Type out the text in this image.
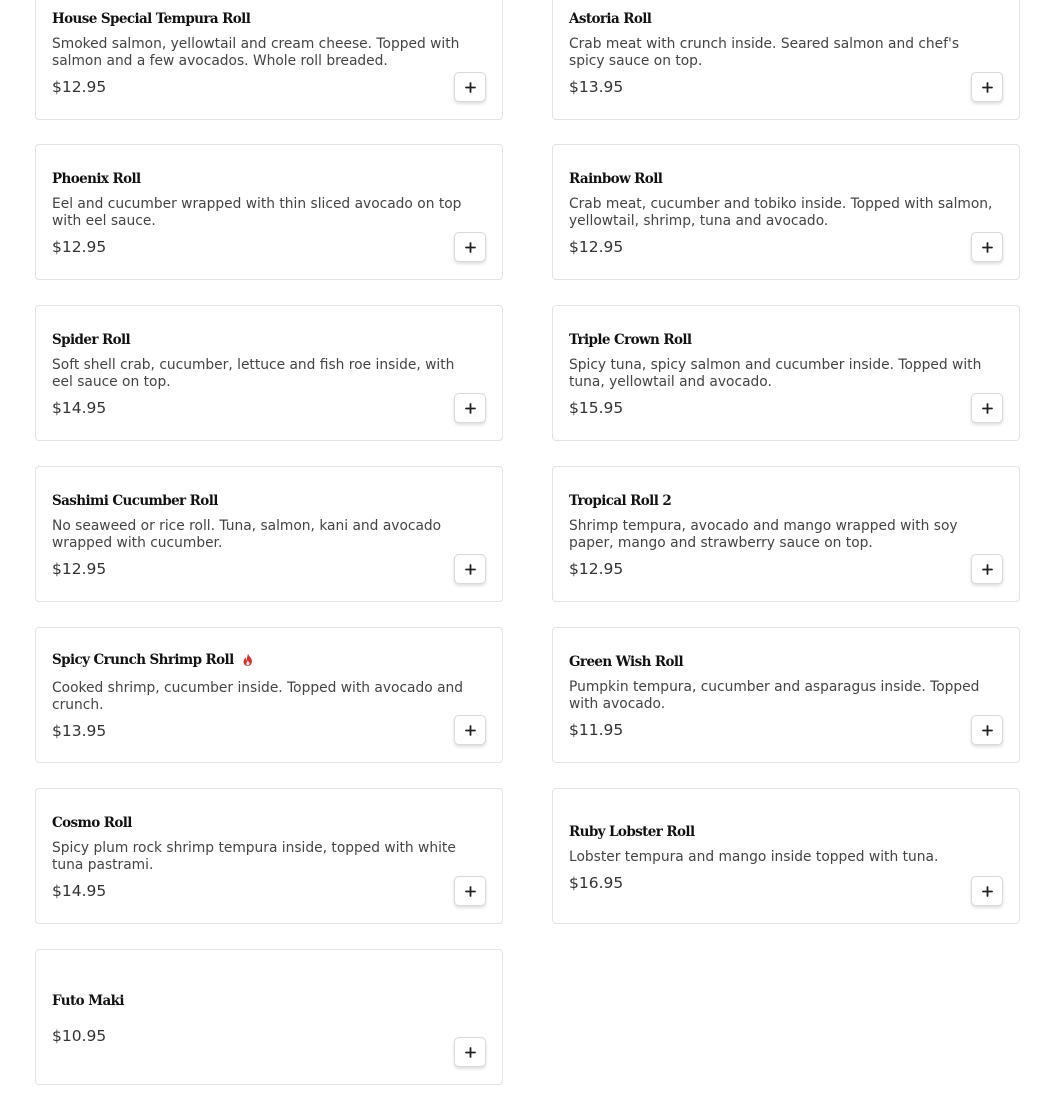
House Special Tempura Roll
Smoked salmon, yellowtail and cream cheese. Topped with salmon and a few avocados. Whole roll breaded.
$12.95
Astoria Roll
Crab meat with crunch inside. Seared salmon and chef's spicy sauce on top.
$13.95
Phoenix Roll
Eel and cucumber wrapped with thin sliced avocado on top with eel sauce.
$12.95
Rainbow Roll
Crab meat, cucumber and tobiko inside. Topped with salmon, yellowtail, shrimp, tuna and avocado.
$12.95
Spider Roll
Soft shell crab, cucumber, lettuce and fish roe inside, with eel sauce on top.
$14.95
Triple Crown Roll
Spicy tuna, spicy salmon and cucumber inside. Topped with tuna, yellowtail and avocado.
$15.95
Sashimi Cucumber Roll
No seaweed or rice roll. Tuna, salmon, kani and avocado wrapped with cucumber.
$12.95
Tropical Roll 2
Shrimp tempura, avocado and mango wrapped with soy paper, mango and strawberry sauce on top.
$12.95
Spicy Crunch Shrimp Roll
Cooked shrimp, cucumber inside. Topped with avocado and crunch.
$13.95
Green Wish Roll
Pumpkin tempura, cucumber and asparagus inside. Topped with avocado.
$11.95
Cosmo Roll
Spicy plum rock shrimp tempura inside, topped with white tuna pastrami.
$14.95
Ruby Lobster Roll
Lobster tempura and mango inside topped with tuna.
$16.95
Futo Maki
$10.95
